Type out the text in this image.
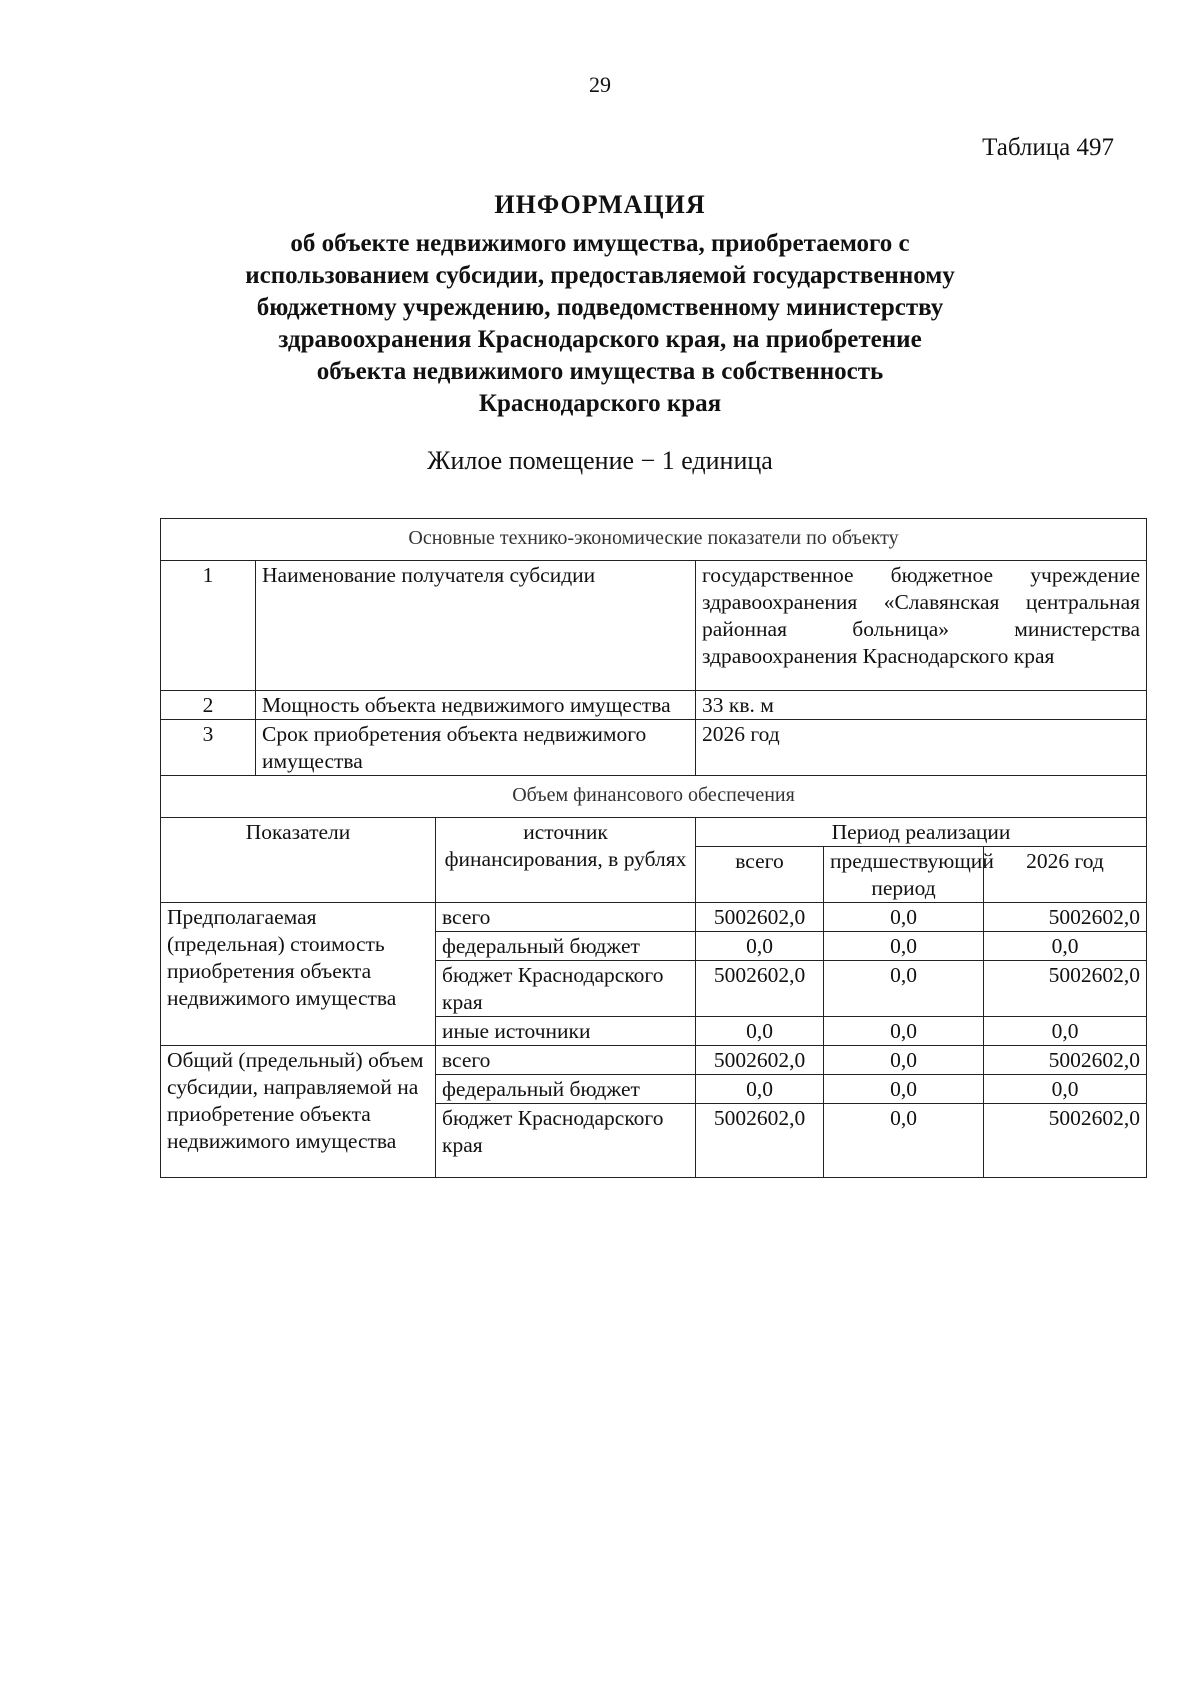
29
Таблица 497
ИНФОРМАЦИЯ
об объекте недвижимого имущества, приобретаемого с
использованием субсидии, предоставляемой государственному
бюджетному учреждению, подведомственному министерству
здравоохранения Краснодарского края, на приобретение
объекта недвижимого имущества в собственность
Краснодарского края
Жилое помещение − 1 единица
Основные технико-экономические показатели по объекту					
1	Наименование получателя субсидии		государственное бюджетное учреждение здравоохранения «Славянская центральная районная больница» министерства здравоохранения Краснодарского края		
2	Мощность объекта недвижимого имущества		33 кв. м		
3	Срок приобретения объекта недвижимого имущества		2026 год		
Объем финансового обеспечения					
Показатели		источник финансирования, в рублях	Период реализации		
			всего	предшествующий период	2026 год
Предполагаемая (предельная) стоимость приобретения объекта недвижимого имущества		всего	5002602,0	0,0	5002602,0
		федеральный бюджет	0,0	0,0	0,0
		бюджет Краснодарского края	5002602,0	0,0	5002602,0
		иные источники	0,0	0,0	0,0
Общий (предельный) объем субсидии, направляемой на приобретение объекта недвижимого имущества		всего	5002602,0	0,0	5002602,0
		федеральный бюджет	0,0	0,0	0,0
		бюджет Краснодарского края	5002602,0	0,0	5002602,0
